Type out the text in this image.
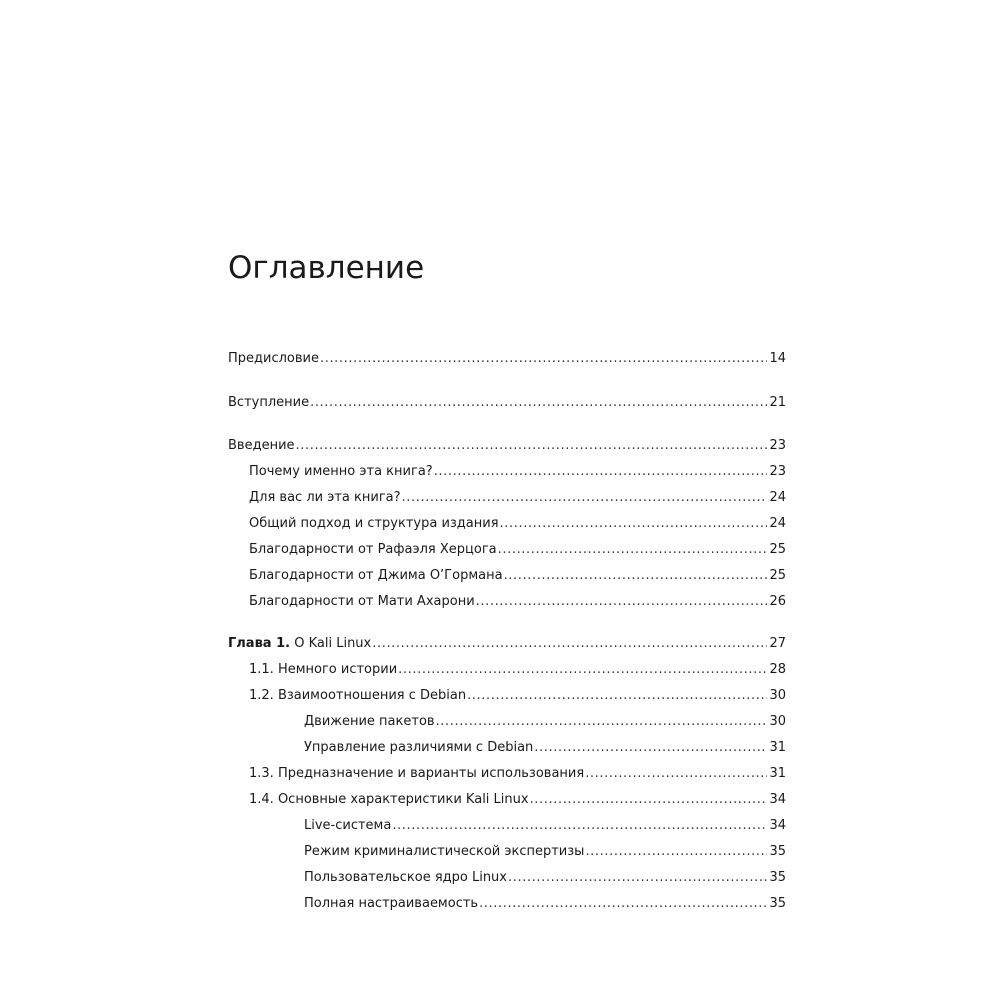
Оглавление
Предисловие .....	14
Вступление .....	21
Введение .....	23
Почему именно эта книга? .....	23
Для вас ли эта книга? .....	24
Общий подход и структура издания .....	24
Благодарности от Рафаэля Херцога .....	25
Благодарности от Джима О’Гормана .....	25
Благодарности от Мати Ахарони .....	26
Глава 1. О Kali Linux .....	27
1.1. Немного истории .....	28
1.2. Взаимоотношения с Debian .....	30
Движение пакетов .....	30
Управление различиями с Debian .....	31
1.3. Предназначение и варианты использования .....	31
1.4. Основные характеристики Kali Linux .....	34
Live-система .....	34
Режим криминалистической экспертизы .....	35
Пользовательское ядро Linux .....	35
Полная настраиваемость .....	35
